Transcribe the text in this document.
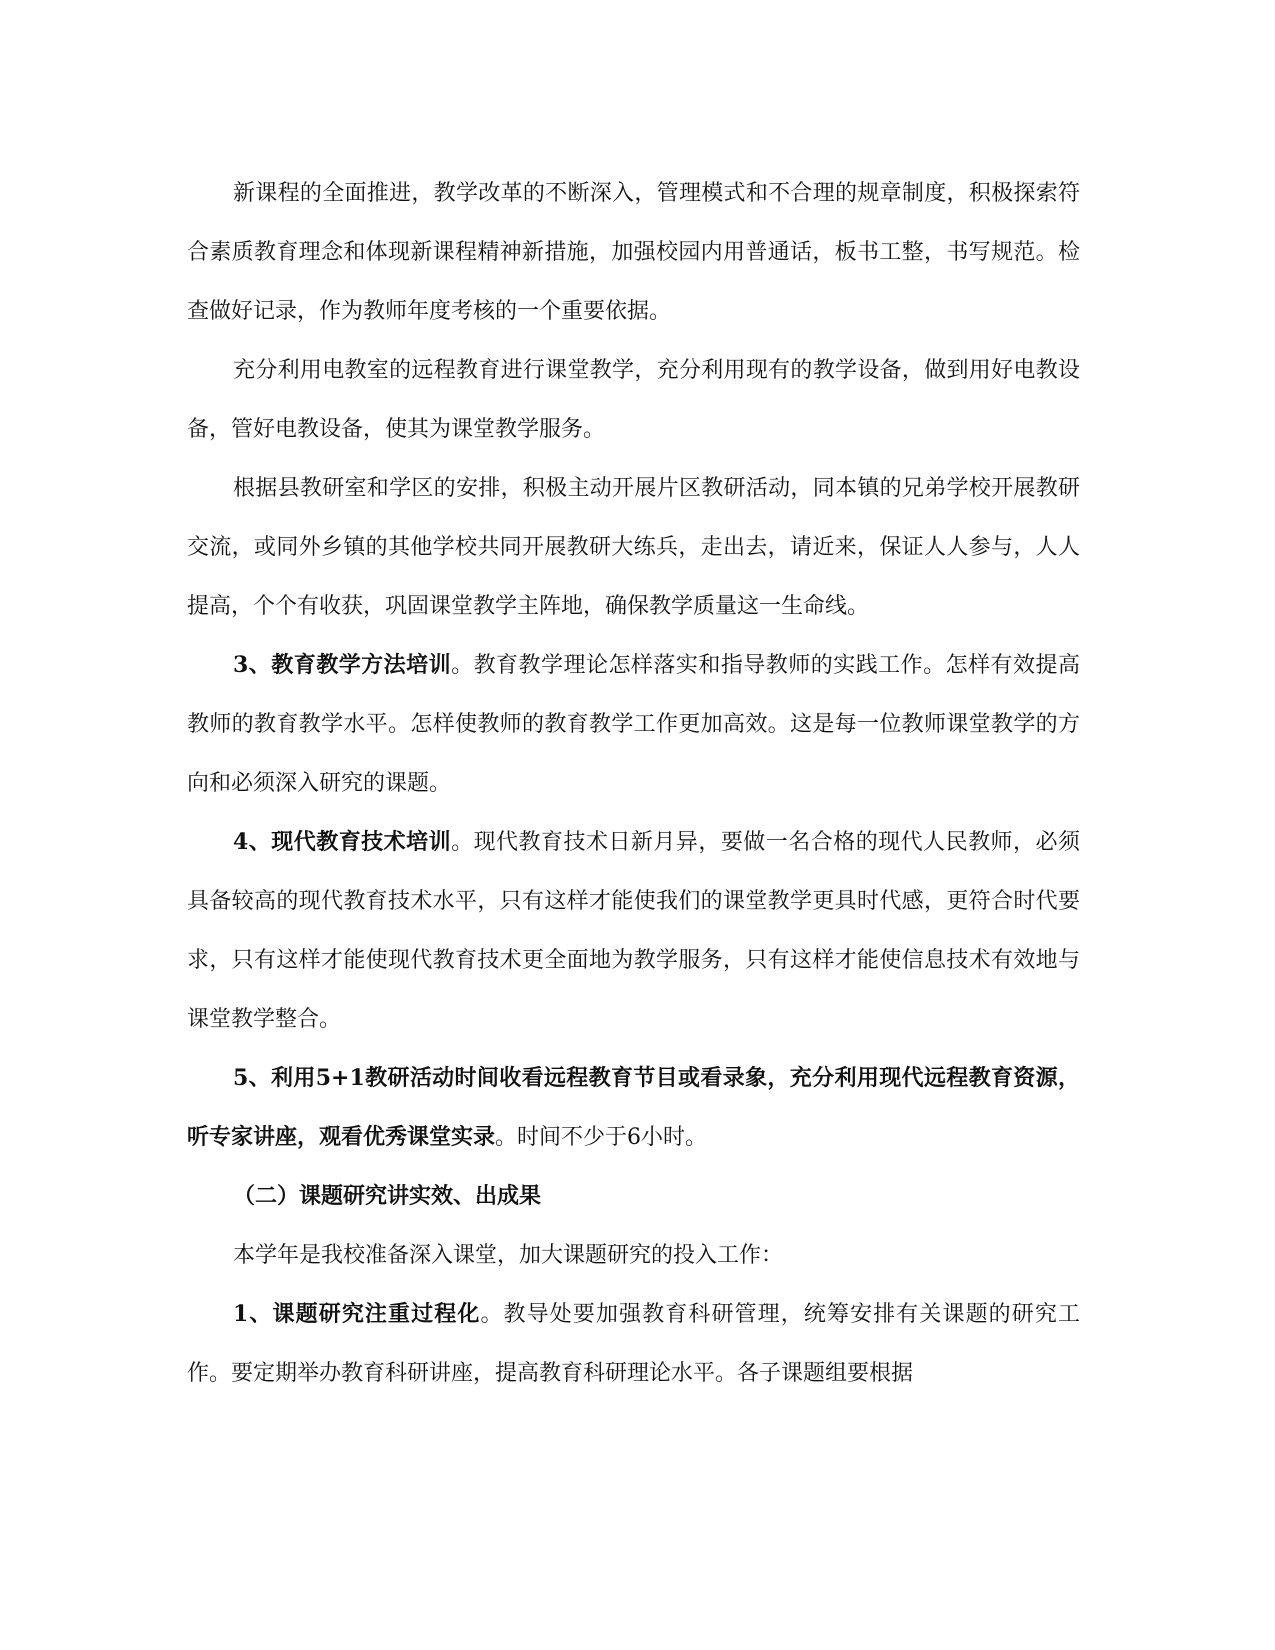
新课程的全面推进，教学改革的不断深入，管理模式和不合理的规章制度，积极探索符合素质教育理念和体现新课程精神新措施，加强校园内用普通话，板书工整，书写规范。检查做好记录，作为教师年度考核的一个重要依据。

充分利用电教室的远程教育进行课堂教学，充分利用现有的教学设备，做到用好电教设备，管好电教设备，使其为课堂教学服务。

根据县教研室和学区的安排，积极主动开展片区教研活动，同本镇的兄弟学校开展教研交流，或同外乡镇的其他学校共同开展教研大练兵，走出去，请近来，保证人人参与，人人提高，个个有收获，巩固课堂教学主阵地，确保教学质量这一生命线。

3、教育教学方法培训。教育教学理论怎样落实和指导教师的实践工作。怎样有效提高教师的教育教学水平。怎样使教师的教育教学工作更加高效。这是每一位教师课堂教学的方向和必须深入研究的课题。

4、现代教育技术培训。现代教育技术日新月异，要做一名合格的现代人民教师，必须具备较高的现代教育技术水平，只有这样才能使我们的课堂教学更具时代感，更符合时代要求，只有这样才能使现代教育技术更全面地为教学服务，只有这样才能使信息技术有效地与课堂教学整合。

5、利用5+1教研活动时间收看远程教育节目或看录象，充分利用现代远程教育资源，听专家讲座，观看优秀课堂实录。时间不少于6小时。

（二）课题研究讲实效、出成果

本学年是我校准备深入课堂，加大课题研究的投入工作：

1、课题研究注重过程化。教导处要加强教育科研管理，统筹安排有关课题的研究工作。要定期举办教育科研讲座，提高教育科研理论水平。各子课题组要根据
